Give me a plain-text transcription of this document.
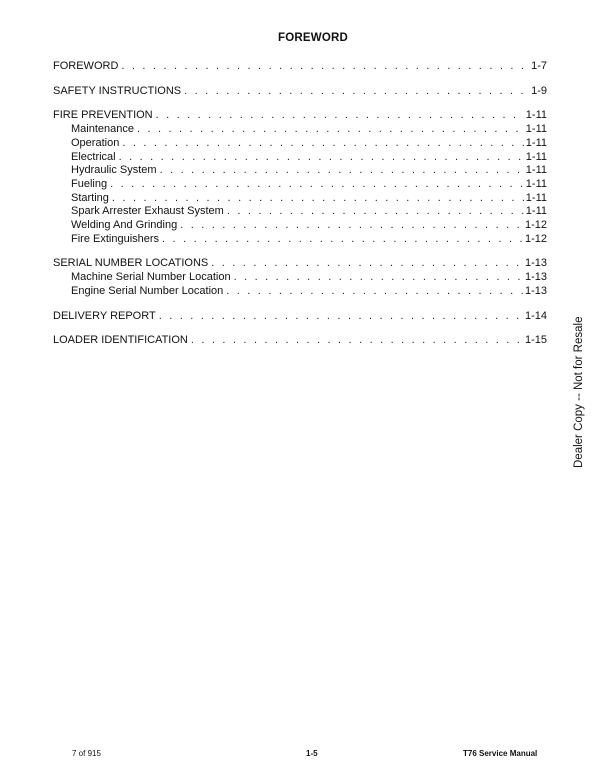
FOREWORD
FOREWORD . . .	1-7
SAFETY INSTRUCTIONS . . .	1-9
FIRE PREVENTION . . .	1-11
Maintenance . . .	1-11
Operation . . .	1-11
Electrical . . .	1-11
Hydraulic System . . .	1-11
Fueling . . .	1-11
Starting . . .	1-11
Spark Arrester Exhaust System . . .	1-11
Welding And Grinding . . .	1-12
Fire Extinguishers . . .	1-12
SERIAL NUMBER LOCATIONS . . .	1-13
Machine Serial Number Location . . .	1-13
Engine Serial Number Location . . .	1-13
DELIVERY REPORT . . .	1-14
LOADER IDENTIFICATION . . .	1-15 Dealer Copy -- Not for Resale
7 of 915	1-5	T76 Service Manual
